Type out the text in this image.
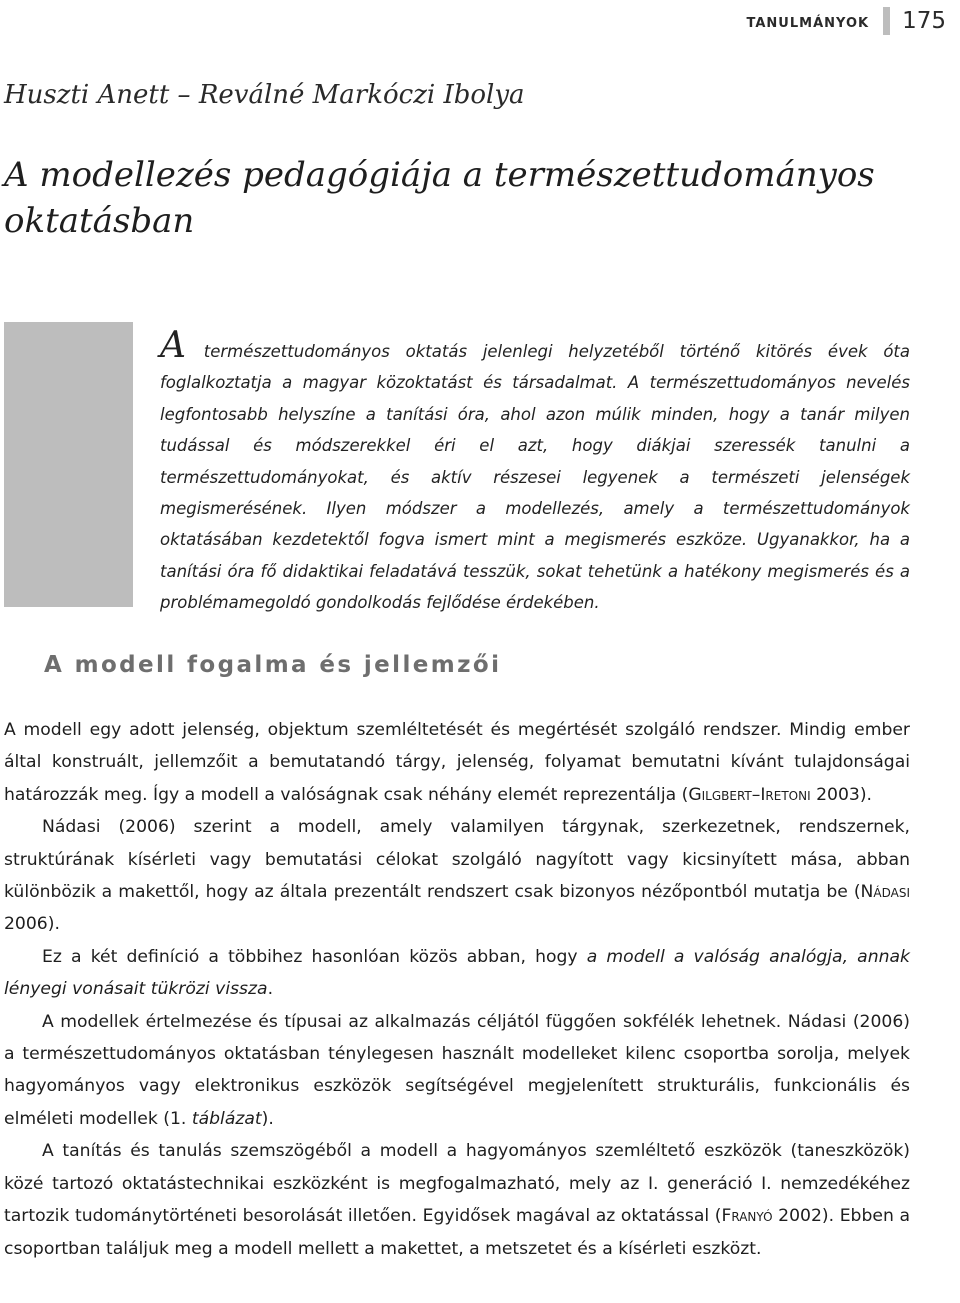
tanulmányok 175
Huszti Anett – Reválné Markóczi Ibolya
A modellezés pedagógiája a természettudományos oktatásban

A természettudományos oktatás jelenlegi helyzetéből történő kitörés évek óta foglalkoztatja a magyar közoktatást és társadalmat. A természettudományos nevelés legfontosabb helyszíne a tanítási óra, ahol azon múlik minden, hogy a tanár milyen tudással és módszerekkel éri el azt, hogy diákjai szeressék tanulni a természettudományokat, és aktív részesei legyenek a természeti jelenségek megismerésének. Ilyen módszer a modellezés, amely a természettudományok oktatásában kezdetektől fogva ismert mint a megismerés eszköze. Ugyanakkor, ha a tanítási óra fő didaktikai feladatává tesszük, sokat tehetünk a hatékony megismerés és a problémamegoldó gondolkodás fejlődése érdekében.

A modell fogalma és jellemzői

A modell egy adott jelenség, objektum szemléltetését és megértését szolgáló rendszer. Mindig ember által konstruált, jellemzőit a bemutatandó tárgy, jelenség, folyamat bemutatni kívánt tulajdonságai határozzák meg. Így a modell a valóságnak csak néhány elemét reprezentálja (Gilgbert–Iretoni 2003).

Nádasi (2006) szerint a modell, amely valamilyen tárgynak, szerkezetnek, rendszernek, struktúrának kísérleti vagy bemutatási célokat szolgáló nagyított vagy kicsinyített mása, abban különbözik a makettől, hogy az általa prezentált rendszert csak bizonyos nézőpontból mutatja be (Nádasi 2006).

Ez a két definíció a többihez hasonlóan közös abban, hogy a modell a valóság analógja, annak lényegi vonásait tükrözi vissza.

A modellek értelmezése és típusai az alkalmazás céljától függően sokfélék lehetnek. Nádasi (2006) a természettudományos oktatásban ténylegesen használt modelleket kilenc csoportba sorolja, melyek hagyományos vagy elektronikus eszközök segítségével megjelenített strukturális, funkcionális és elméleti modellek (1. táblázat).

A tanítás és tanulás szemszögéből a modell a hagyományos szemléltető eszközök (taneszközök) közé tartozó oktatástechnikai eszközként is megfogalmazható, mely az I. generáció I. nemzedékéhez tartozik tudománytörténeti besorolását illetően. Egyidősek magával az oktatással (Franyó 2002). Ebben a csoportban találjuk meg a modell mellett a makettet, a metszetet és a kísérleti eszközt.
